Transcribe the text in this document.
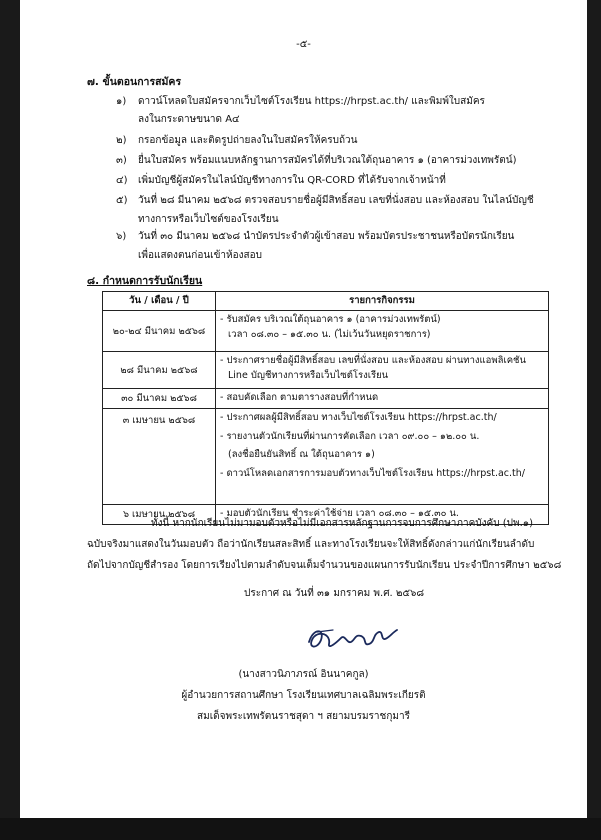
-๕-
๗. ขั้นตอนการสมัคร
๑) ดาวน์โหลดใบสมัครจากเว็บไซต์โรงเรียน https://hrpst.ac.th/ และพิมพ์ใบสมัคร
ลงในกระดาษขนาด A๔
๒) กรอกข้อมูล และติดรูปถ่ายลงในใบสมัครให้ครบถ้วน
๓) ยื่นใบสมัคร พร้อมแนบหลักฐานการสมัครได้ที่บริเวณใต้ถุนอาคาร ๑ (อาคารม่วงเทพรัตน์)
๔) เพิ่มบัญชีผู้สมัครในไลน์บัญชีทางการใน QR-CORD ที่ได้รับจากเจ้าหน้าที่
๕) วันที่ ๒๘ มีนาคม ๒๕๖๘ ตรวจสอบรายชื่อผู้มีสิทธิ์สอบ เลขที่นั่งสอบ และห้องสอบ ในไลน์บัญชี
ทางการหรือเว็บไซต์ของโรงเรียน
๖) วันที่ ๓๐ มีนาคม ๒๕๖๘ นำบัตรประจำตัวผู้เข้าสอบ พร้อมบัตรประชาชนหรือบัตรนักเรียน
เพื่อแสดงตนก่อนเข้าห้องสอบ
๘. กำหนดการรับนักเรียน
วัน / เดือน / ปี	รายการกิจกรรม
๒๐-๒๔ มีนาคม ๒๕๖๘	- รับสมัคร บริเวณใต้ถุนอาคาร ๑ (อาคารม่วงเทพรัตน์)
เวลา ๐๘.๓๐ – ๑๕.๓๐ น. (ไม่เว้นวันหยุดราชการ)

๒๘ มีนาคม ๒๕๖๘	- ประกาศรายชื่อผู้มีสิทธิ์สอบ เลขที่นั่งสอบ และห้องสอบ ผ่านทางแอพลิเคชัน
Line บัญชีทางการหรือเว็บไซต์โรงเรียน

๓๐ มีนาคม ๒๕๖๘	- สอบคัดเลือก ตามตารางสอบที่กำหนด

๓ เมษายน ๒๕๖๘	- ประกาศผลผู้มีสิทธิ์สอบ ทางเว็บไซต์โรงเรียน https://hrpst.ac.th/
- รายงานตัวนักเรียนที่ผ่านการคัดเลือก เวลา ๐๙.๐๐ – ๑๒.๐๐ น.
(ลงชื่อยืนยันสิทธิ์ ณ ใต้ถุนอาคาร ๑)
- ดาวน์โหลดเอกสารการมอบตัวทางเว็บไซต์โรงเรียน https://hrpst.ac.th/

๖ เมษายน ๒๕๖๘	- มอบตัวนักเรียน ชำระค่าใช้จ่าย เวลา ๐๘.๓๐ – ๑๕.๓๐ น.
ทั้งนี้ หากนักเรียนไม่มามอบตัวหรือไม่มีเอกสารหลักฐานการจบการศึกษาภาคบังคับ (ปพ.๑)
ฉบับจริงมาแสดงในวันมอบตัว ถือว่านักเรียนสละสิทธิ์ และทางโรงเรียนจะให้สิทธิ์ดังกล่าวแก่นักเรียนลำดับ
ถัดไปจากบัญชีสำรอง โดยการเรียงไปตามลำดับจนเต็มจำนวนของแผนการรับนักเรียน ประจำปีการศึกษา ๒๕๖๘
ประกาศ ณ วันที่ ๓๑ มกราคม พ.ศ. ๒๕๖๘
(นางสาวนิภาภรณ์ อินนาคกูล)
ผู้อำนวยการสถานศึกษา โรงเรียนเทศบาลเฉลิมพระเกียรติ
สมเด็จพระเทพรัตนราชสุดา ฯ สยามบรมราชกุมารี
